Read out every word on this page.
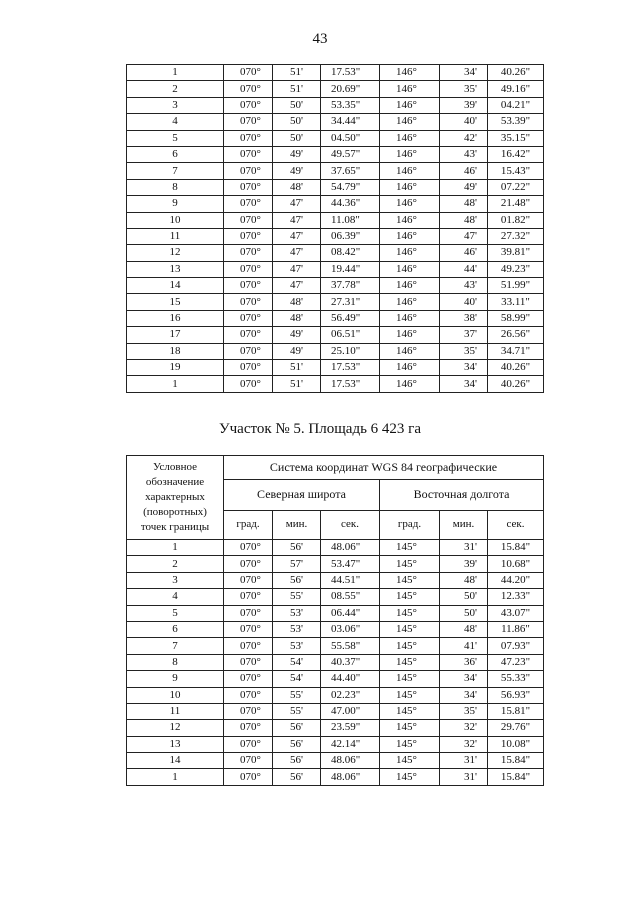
43
1	070°	51'	17.53"	146°	34'	40.26"
2	070°	51'	20.69"	146°	35'	49.16"
3	070°	50'	53.35"	146°	39'	04.21"
4	070°	50'	34.44"	146°	40'	53.39"
5	070°	50'	04.50"	146°	42'	35.15"
6	070°	49'	49.57"	146°	43'	16.42"
7	070°	49'	37.65"	146°	46'	15.43"
8	070°	48'	54.79"	146°	49'	07.22"
9	070°	47'	44.36"	146°	48'	21.48"
10	070°	47'	11.08"	146°	48'	01.82"
11	070°	47'	06.39"	146°	47'	27.32"
12	070°	47'	08.42"	146°	46'	39.81"
13	070°	47'	19.44"	146°	44'	49.23"
14	070°	47'	37.78"	146°	43'	51.99"
15	070°	48'	27.31"	146°	40'	33.11"
16	070°	48'	56.49"	146°	38'	58.99"
17	070°	49'	06.51"	146°	37'	26.56"
18	070°	49'	25.10"	146°	35'	34.71"
19	070°	51'	17.53"	146°	34'	40.26"
1	070°	51'	17.53"	146°	34'	40.26"
Участок № 5. Площадь 6 423 га
Условное обозначение характерных (поворотных) точек границы	Система координат WGS 84 географические					
	Северная широта			Восточная долгота		
	град.	мин.	сек.	град.	мин.	сек.
1	070°	56'	48.06"	145°	31'	15.84"
2	070°	57'	53.47"	145°	39'	10.68"
3	070°	56'	44.51"	145°	48'	44.20"
4	070°	55'	08.55"	145°	50'	12.33"
5	070°	53'	06.44"	145°	50'	43.07"
6	070°	53'	03.06"	145°	48'	11.86"
7	070°	53'	55.58"	145°	41'	07.93"
8	070°	54'	40.37"	145°	36'	47.23"
9	070°	54'	44.40"	145°	34'	55.33"
10	070°	55'	02.23"	145°	34'	56.93"
11	070°	55'	47.00"	145°	35'	15.81"
12	070°	56'	23.59"	145°	32'	29.76"
13	070°	56'	42.14"	145°	32'	10.08"
14	070°	56'	48.06"	145°	31'	15.84"
1	070°	56'	48.06"	145°	31'	15.84"
